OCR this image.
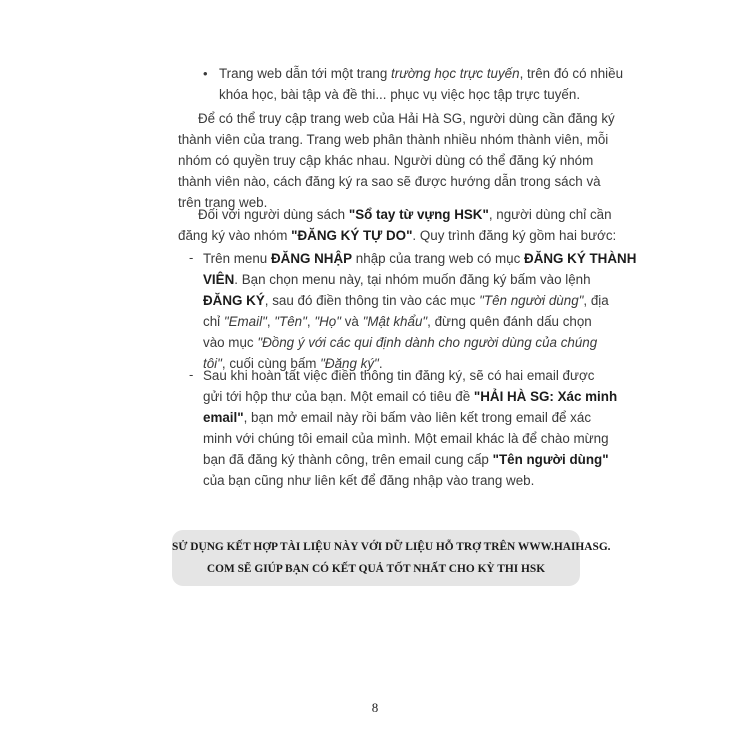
• Trang web dẫn tới một trang trường học trực tuyến, trên đó có nhiều
khóa học, bài tập và đề thi... phục vụ việc học tập trực tuyến.
Để có thể truy cập trang web của Hải Hà SG, người dùng cần đăng ký
thành viên của trang. Trang web phân thành nhiều nhóm thành viên, mỗi
nhóm có quyền truy cập khác nhau. Người dùng có thể đăng ký nhóm
thành viên nào, cách đăng ký ra sao sẽ được hướng dẫn trong sách và
trên trang web.
Đối với người dùng sách "Sổ tay từ vựng HSK", người dùng chỉ cần
đăng ký vào nhóm "ĐĂNG KÝ TỰ DO". Quy trình đăng ký gồm hai bước:
- Trên menu ĐĂNG NHẬP nhập của trang web có mục ĐĂNG KÝ THÀNH
VIÊN. Bạn chọn menu này, tại nhóm muốn đăng ký bấm vào lệnh
ĐĂNG KÝ, sau đó điền thông tin vào các mục "Tên người dùng", địa
chỉ "Email", "Tên", "Họ" và "Mật khẩu", đừng quên đánh dấu chọn
vào mục "Đồng ý với các qui định dành cho người dùng của chúng
tôi", cuối cùng bấm "Đăng ký".
- Sau khi hoàn tất việc điền thông tin đăng ký, sẽ có hai email được
gửi tới hộp thư của bạn. Một email có tiêu đề "HẢI HÀ SG: Xác minh
email", bạn mở email này rồi bấm vào liên kết trong email để xác
minh với chúng tôi email của mình. Một email khác là để chào mừng
bạn đã đăng ký thành công, trên email cung cấp "Tên người dùng"
của bạn cũng như liên kết để đăng nhập vào trang web.
SỬ DỤNG KẾT HỢP TÀI LIỆU NÀY VỚI DỮ LIỆU HỖ TRỢ TRÊN WWW.HAIHASG.
COM SẼ GIÚP BẠN CÓ KẾT QUẢ TỐT NHẤT CHO KỲ THI HSK
8
